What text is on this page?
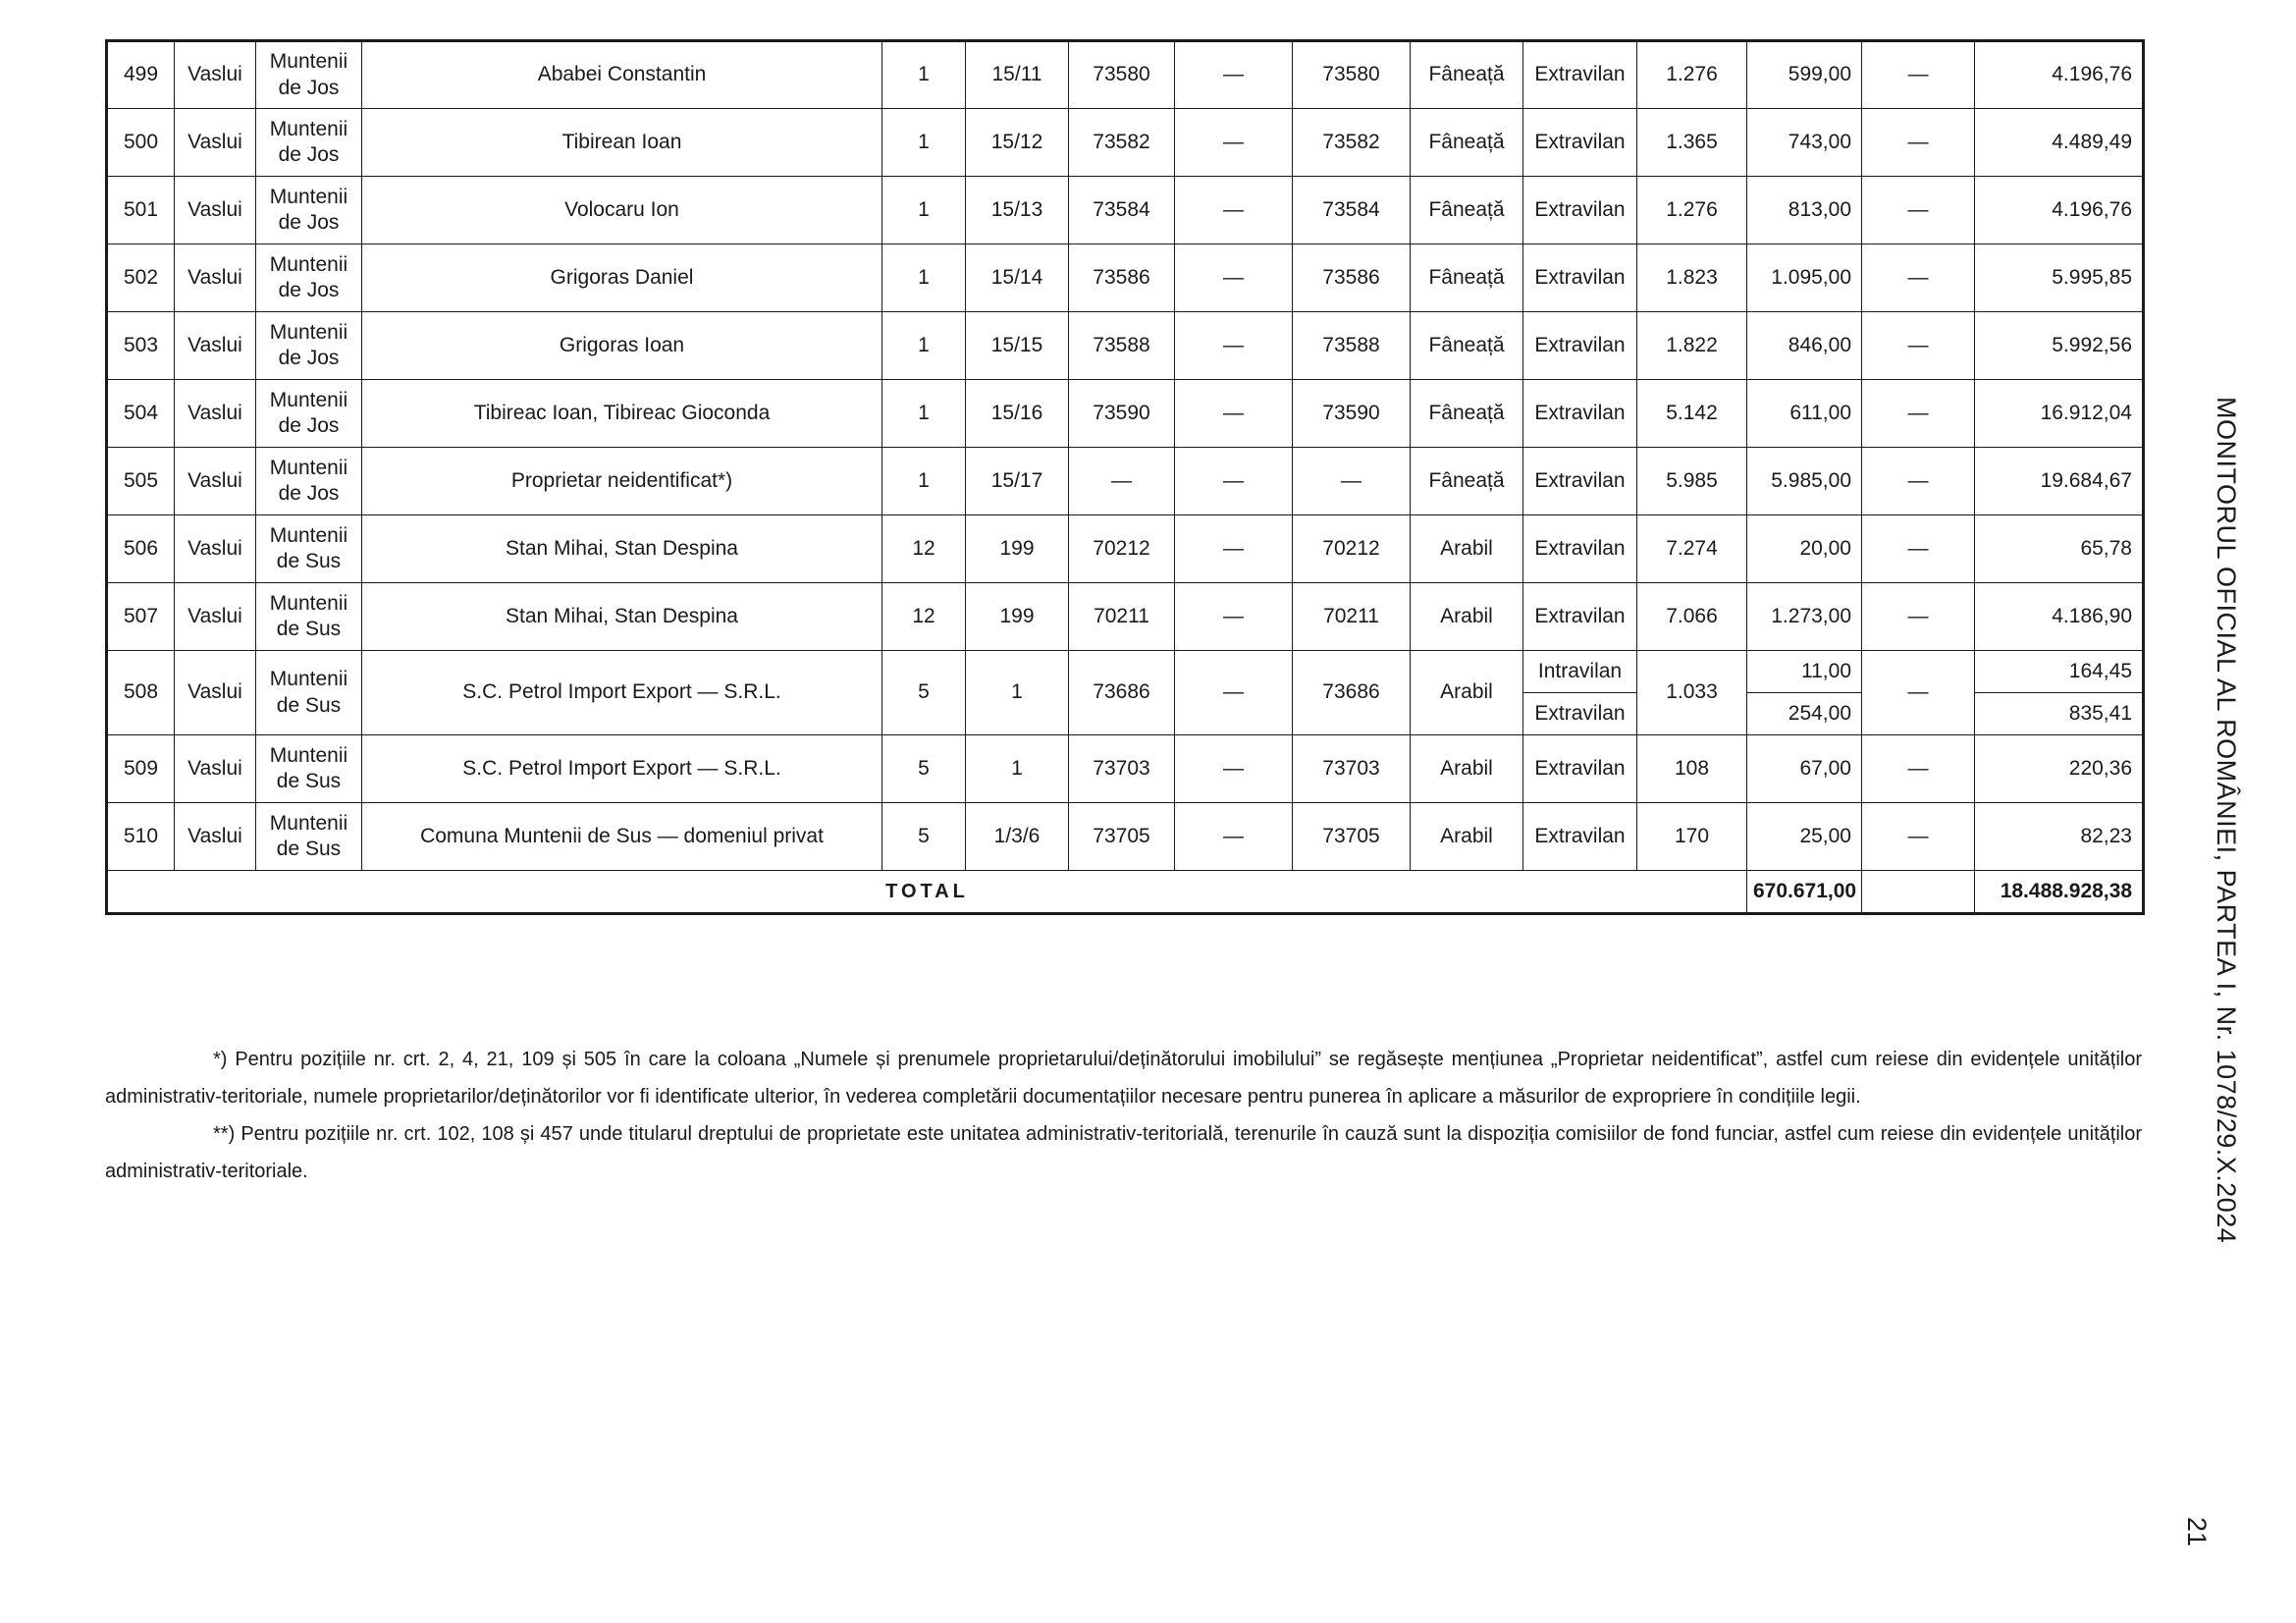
499	Vaslui	Muntenii de Jos	Ababei Constantin	1	15/11	73580	—	73580	Fâneață	Extravilan	1.276	599,00	—	4.196,76
500	Vaslui	Muntenii de Jos	Tibirean Ioan	1	15/12	73582	—	73582	Fâneață	Extravilan	1.365	743,00	—	4.489,49
501	Vaslui	Muntenii de Jos	Volocaru Ion	1	15/13	73584	—	73584	Fâneață	Extravilan	1.276	813,00	—	4.196,76
502	Vaslui	Muntenii de Jos	Grigoras Daniel	1	15/14	73586	—	73586	Fâneață	Extravilan	1.823	1.095,00	—	5.995,85
503	Vaslui	Muntenii de Jos	Grigoras Ioan	1	15/15	73588	—	73588	Fâneață	Extravilan	1.822	846,00	—	5.992,56
504	Vaslui	Muntenii de Jos	Tibireac Ioan, Tibireac Gioconda	1	15/16	73590	—	73590	Fâneață	Extravilan	5.142	611,00	—	16.912,04
505	Vaslui	Muntenii de Jos	Proprietar neidentificat*)	1	15/17	—	—	—	Fâneață	Extravilan	5.985	5.985,00	—	19.684,67
506	Vaslui	Muntenii de Sus	Stan Mihai, Stan Despina	12	199	70212	—	70212	Arabil	Extravilan	7.274	20,00	—	65,78
507	Vaslui	Muntenii de Sus	Stan Mihai, Stan Despina	12	199	70211	—	70211	Arabil	Extravilan	7.066	1.273,00	—	4.186,90
508	Vaslui	Muntenii de Sus	S.C. Petrol Import Export — S.R.L.	5	1	73686	—	73686	Arabil	Intravilan	1.033	11,00	—	164,45
										Extravilan		254,00		835,41
509	Vaslui	Muntenii de Sus	S.C. Petrol Import Export — S.R.L.	5	1	73703	—	73703	Arabil	Extravilan	108	67,00	—	220,36
510	Vaslui	Muntenii de Sus	Comuna Muntenii de Sus — domeniul privat	5	1/3/6	73705	—	73705	Arabil	Extravilan	170	25,00	—	82,23
TOTAL												670.671,00		18.488.928,38

*) Pentru pozițiile nr. crt. 2, 4, 21, 109 și 505 în care la coloana „Numele și prenumele proprietarului/deținătorului imobilului” se regăsește mențiunea „Proprietar neidentificat”, astfel cum reiese din evidențele unităților administrativ-teritoriale, numele proprietarilor/deținătorilor vor fi identificate ulterior, în vederea completării documentațiilor necesare pentru punerea în aplicare a măsurilor de expropriere în condițiile legii.

**) Pentru pozițiile nr. crt. 102, 108 și 457 unde titularul dreptului de proprietate este unitatea administrativ-teritorială, terenurile în cauză sunt la dispoziția comisiilor de fond funciar, astfel cum reiese din evidențele unităților administrativ-teritoriale.	MONITORUL OFICIAL AL ROMÂNIEI, PARTEA I, Nr. 1078/29.X.2024
21
